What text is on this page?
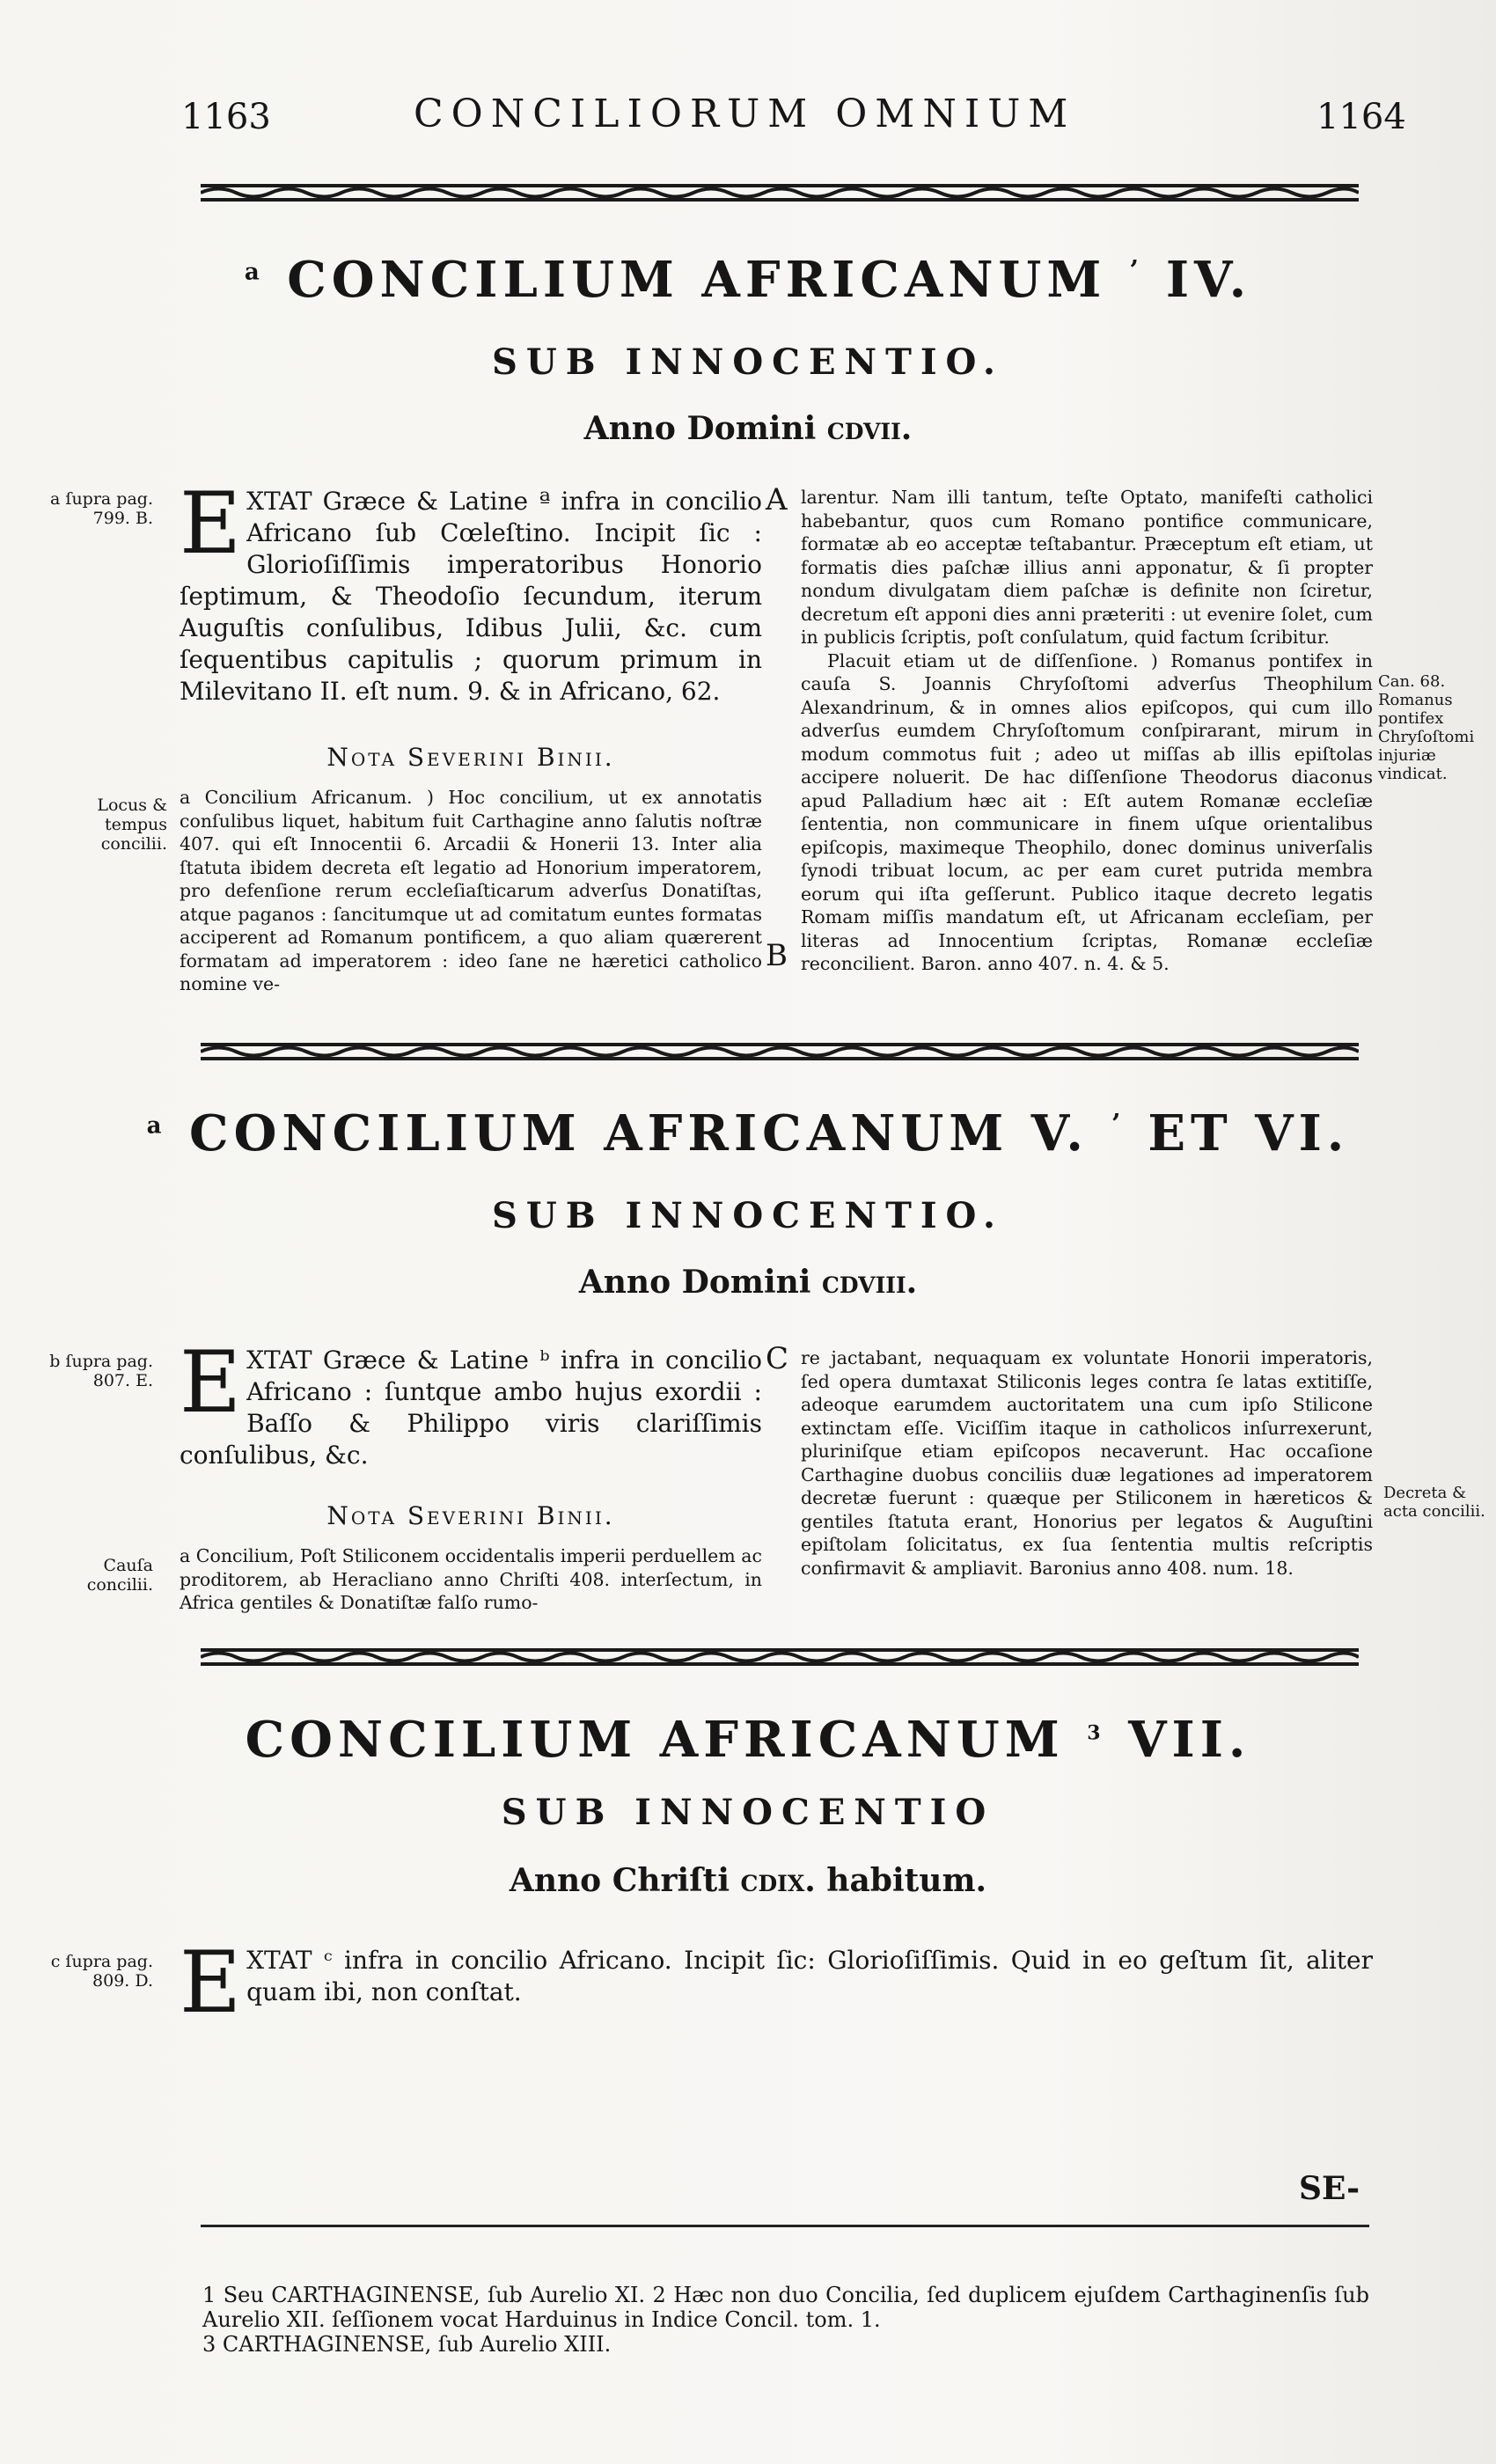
1163	CONCILIORUM OMNIUM	1164
$^a$ CONCILIUM AFRICANUM $^ʼ$ IV.
SUB INNOCENTIO.
Anno Domini cdvii.
a ſupra pag. 799. B.
Locus & tempus concilii.
Can. 68. Romanus pontifex Chryſoſtomi injuriæ vindicat.
A
B
EXTAT Græce & Latine ª infra in concilio Africano ſub Cœleſtino. Incipit ſic : Glorioſiſſimis imperatoribus Honorio ſeptimum, & Theodoſio ſecundum, iterum Auguſtis conſulibus, Idibus Julii, &c. cum ſequentibus capitulis ; quorum primum in Milevitano II. eſt num. 9. & in Africano, 62.
Nota Severini Binii.
a Concilium Africanum. ) Hoc concilium, ut ex annotatis conſulibus liquet, habitum fuit Carthagine anno ſalutis noſtræ 407. qui eſt Innocentii 6. Arcadii & Honerii 13. Inter alia ſtatuta ibidem decreta eſt legatio ad Honorium imperatorem, pro defenſione rerum eccleſiaſticarum adverſus Donatiſtas, atque paganos : ſancitumque ut ad comitatum euntes formatas acciperent ad Romanum pontificem, a quo aliam quærerent formatam ad imperatorem : ideo ſane ne hæretici catholico nomine ve-
larentur. Nam illi tantum, teſte Optato, manifeſti catholici habebantur, quos cum Romano pontifice communicare, formatæ ab eo acceptæ teſtabantur. Præceptum eſt etiam, ut formatis dies paſchæ illius anni apponatur, & ſi propter nondum divulgatam diem paſchæ is definite non ſciretur, decretum eſt apponi dies anni præteriti : ut evenire ſolet, cum in publicis ſcriptis, poſt conſulatum, quid factum ſcribitur.
Placuit etiam ut de diſſenſione. ) Romanus pontifex in cauſa S. Joannis Chryſoſtomi adverſus Theophilum Alexandrinum, & in omnes alios epiſcopos, qui cum illo adverſus eumdem Chryſoſtomum conſpirarant, mirum in modum commotus fuit ; adeo ut miſſas ab illis epiſtolas accipere noluerit. De hac diſſenſione Theodorus diaconus apud Palladium hæc ait : Eſt autem Romanæ eccleſiæ ſententia, non communicare in finem uſque orientalibus epiſcopis, maximeque Theophilo, donec dominus univerſalis ſynodi tribuat locum, ac per eam curet putrida membra eorum qui iſta geſſerunt. Publico itaque decreto legatis Romam miſſis mandatum eſt, ut Africanam eccleſiam, per literas ad Innocentium ſcriptas, Romanæ eccleſiæ reconcilient. Baron. anno 407. n. 4. & 5.
$^a$ CONCILIUM AFRICANUM V. $^ʼ$ ET VI.
SUB INNOCENTIO.
Anno Domini cdviii.
b ſupra pag. 807. E.
Cauſa concilii.
Decreta & acta concilii.
C
EXTAT Græce & Latine ᵇ infra in concilio Africano : ſuntque ambo hujus exordii : Baſſo & Philippo viris clariſſimis conſulibus, &c.
Nota Severini Binii.
a Concilium, Poſt Stiliconem occidentalis imperii perduellem ac proditorem, ab Heracliano anno Chriſti 408. interſectum, in Africa gentiles & Donatiſtæ falſo rumo-
re jactabant, nequaquam ex voluntate Honorii imperatoris, ſed opera dumtaxat Stiliconis leges contra ſe latas extitiſſe, adeoque earumdem auctoritatem una cum ipſo Stilicone extinctam eſſe. Viciſſim itaque in catholicos inſurrexerunt, pluriniſque etiam epiſcopos necaverunt. Hac occaſione Carthagine duobus conciliis duæ legationes ad imperatorem decretæ fuerunt : quæque per Stiliconem in hæreticos & gentiles ſtatuta erant, Honorius per legatos & Auguſtini epiſtolam ſolicitatus, ex ſua ſententia multis reſcriptis confirmavit & ampliavit. Baronius anno 408. num. 18.
CONCILIUM AFRICANUM $^3$ VII.
SUB INNOCENTIO
Anno Chriſti cdix. habitum.
c ſupra pag. 809. D. EXTAT ᶜ infra in concilio Africano. Incipit ſic: Glorioſiſſimis. Quid in eo geſtum ſit, aliter quam ibi, non conſtat.
SE-
1 Seu CARTHAGINENSE, ſub Aurelio XI. 2 Hæc non duo Concilia, ſed duplicem ejuſdem Carthaginenſis ſub Aurelio XII. ſeſſionem vocat Harduinus in Indice Concil. tom. 1.
3 CARTHAGINENSE, ſub Aurelio XIII.
